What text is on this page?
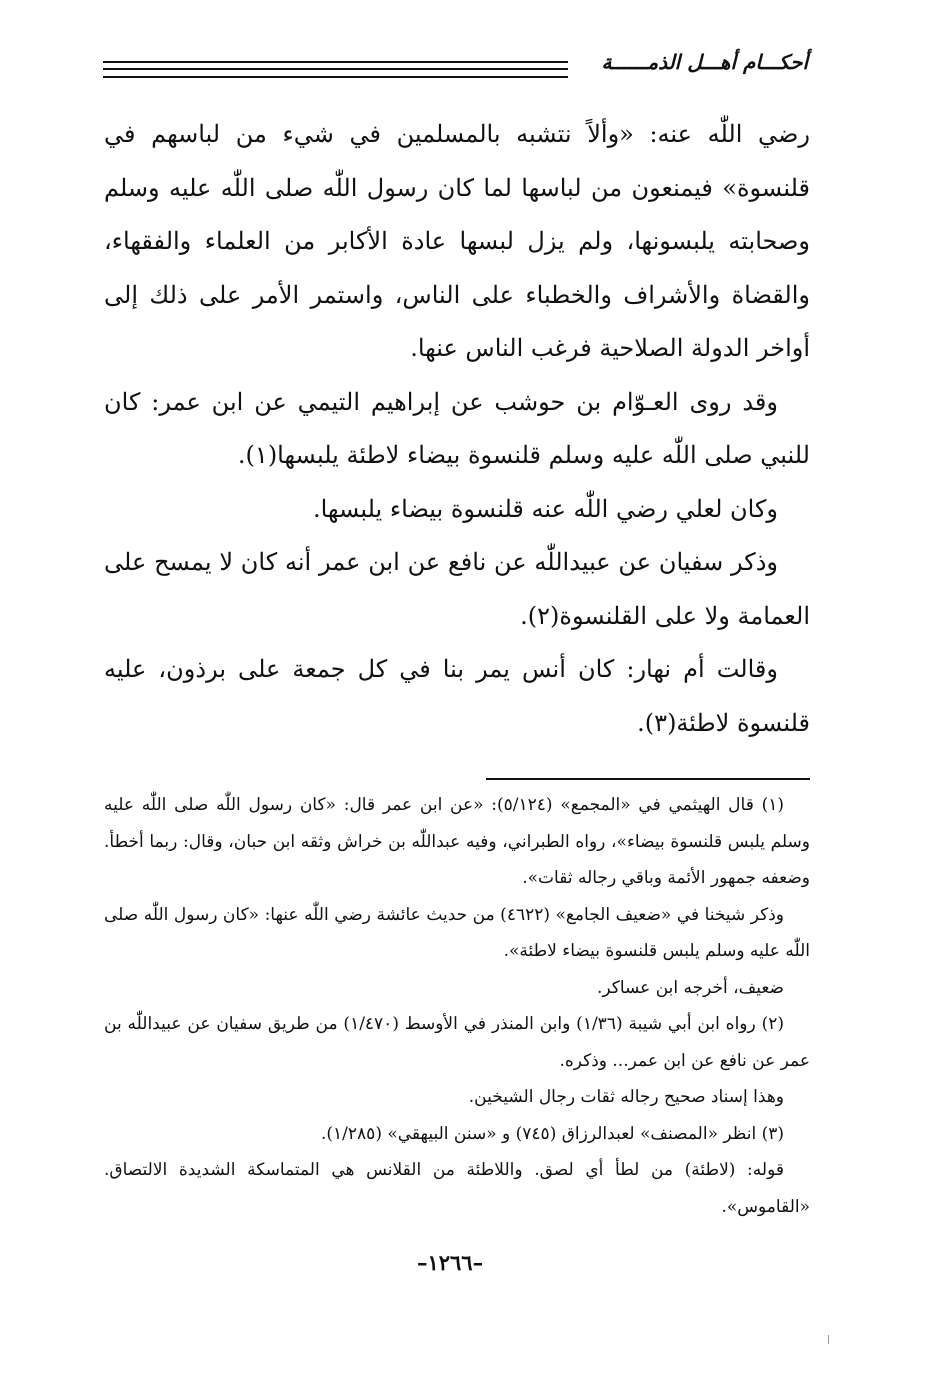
أحكـــام أهـــل الذمــــــة

رضي اللّٰه عنه: «وألاً نتشبه بالمسلمين في شيء من لباسهم في قلنسوة» فيمنعون من لباسها لما كان رسول اللّٰه صلى اللّٰه عليه وسلم وصحابته يلبسونها، ولم يزل لبسها عادة الأكابر من العلماء والفقهاء، والقضاة والأشراف والخطباء على الناس، واستمر الأمر على ذلك إلى أواخر الدولة الصلاحية فرغب الناس عنها.

وقد روى العـوّام بن حوشب عن إبراهيم التيمي عن ابن عمر: كان للنبي صلى اللّٰه عليه وسلم قلنسوة بيضاء لاطئة يلبسها(١).

وكان لعلي رضي اللّٰه عنه قلنسوة بيضاء يلبسها.

وذكر سفيان عن عبيداللّٰه عن نافع عن ابن عمر أنه كان لا يمسح على العمامة ولا على القلنسوة(٢).

وقالت أم نهار: كان أنس يمر بنا في كل جمعة على برذون، عليه قلنسوة لاطئة(٣).

(١) قال الهيثمي في «المجمع» (٥/١٢٤): «عن ابن عمر قال: «كان رسول اللّٰه صلى اللّٰه عليه وسلم يلبس قلنسوة بيضاء»، رواه الطبراني، وفيه عبداللّٰه بن خراش وثقه ابن حبان، وقال: ربما أخطأ. وضعفه جمهور الأئمة وباقي رجاله ثقات».

وذكر شيخنا في «ضعيف الجامع» (٤٦٢٢) من حديث عائشة رضي اللّٰه عنها: «كان رسول اللّٰه صلى اللّٰه عليه وسلم يلبس قلنسوة بيضاء لاطئة».

ضعيف، أخرجه ابن عساكر.

(٢) رواه ابن أبي شيبة (١/٣٦) وابن المنذر في الأوسط (١/٤٧٠) من طريق سفيان عن عبيداللّٰه بن عمر عن نافع عن ابن عمر... وذكره.

وهذا إسناد صحيح رجاله ثقات رجال الشيخين.

(٣) انظر «المصنف» لعبدالرزاق (٧٤٥) و «سنن البيهقي» (١/٢٨٥).

قوله: (لاطئة) من لطأ أي لصق. واللاطئة من القلانس هي المتماسكة الشديدة الالتصاق. «القاموس».

–١٢٦٦–
